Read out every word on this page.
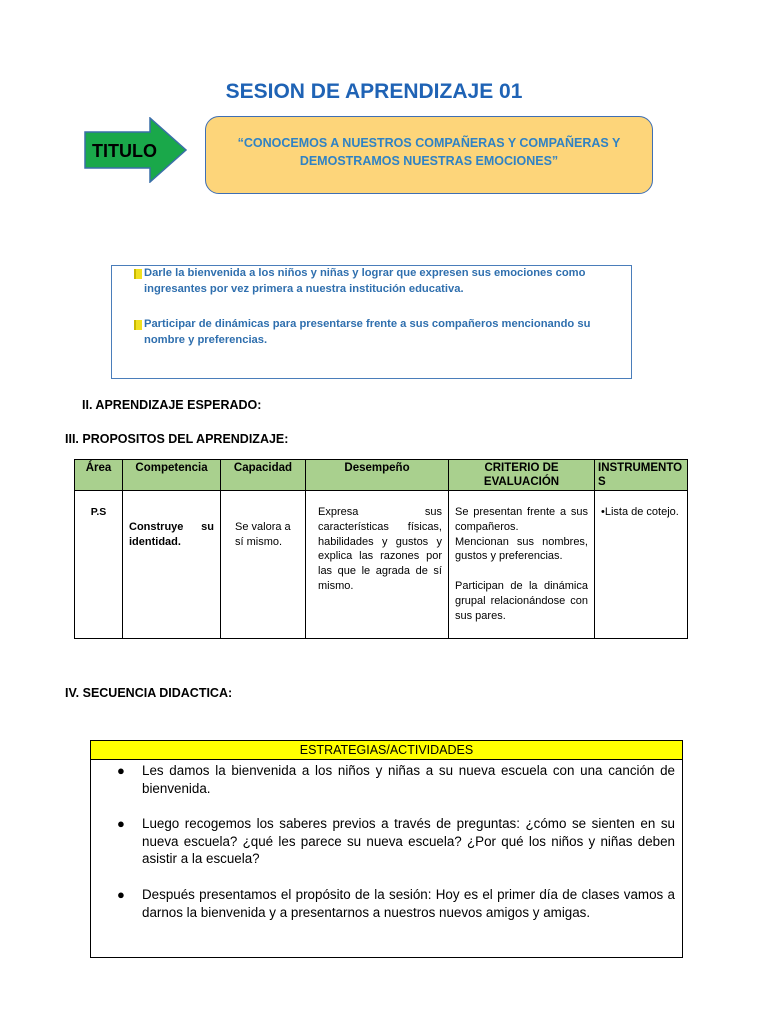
SESION DE APRENDIZAJE 01
TITULO	“CONOCEMOS A NUESTROS COMPAÑERAS Y COMPAÑERAS Y DEMOSTRAMOS NUESTRAS EMOCIONES”
Darle la bienvenida a los niños y niñas y lograr que expresen sus emociones como ingresantes por vez primera a nuestra institución educativa.
Participar de dinámicas para presentarse frente a sus compañeros mencionando su nombre y preferencias.
II. APRENDIZAJE ESPERADO:
III. PROPOSITOS DEL APRENDIZAJE:
Área	Competencia	Capacidad	Desempeño	CRITERIO DE EVALUACIÓN	INSTRUMENTOS
P.S	Construye su identidad.	Se valora a sí mismo.	Expresa sus características físicas, habilidades y gustos y explica las razones por las que le agrada de sí mismo.	Se presentan frente a sus compañeros.
Mencionan sus nombres, gustos y preferencias.

Participan de la dinámica grupal relacionándose con sus pares.	•Lista de cotejo.
IV. SECUENCIA DIDACTICA:
ESTRATEGIAS/ACTIVIDADES
● Les damos la bienvenida a los niños y niñas a su nueva escuela con una canción de bienvenida.
● Luego recogemos los saberes previos a través de preguntas: ¿cómo se sienten en su nueva escuela? ¿qué les parece su nueva escuela? ¿Por qué los niños y niñas deben asistir a la escuela?
● Después presentamos el propósito de la sesión: Hoy es el primer día de clases vamos a darnos la bienvenida y a presentarnos a nuestros nuevos amigos y amigas.
